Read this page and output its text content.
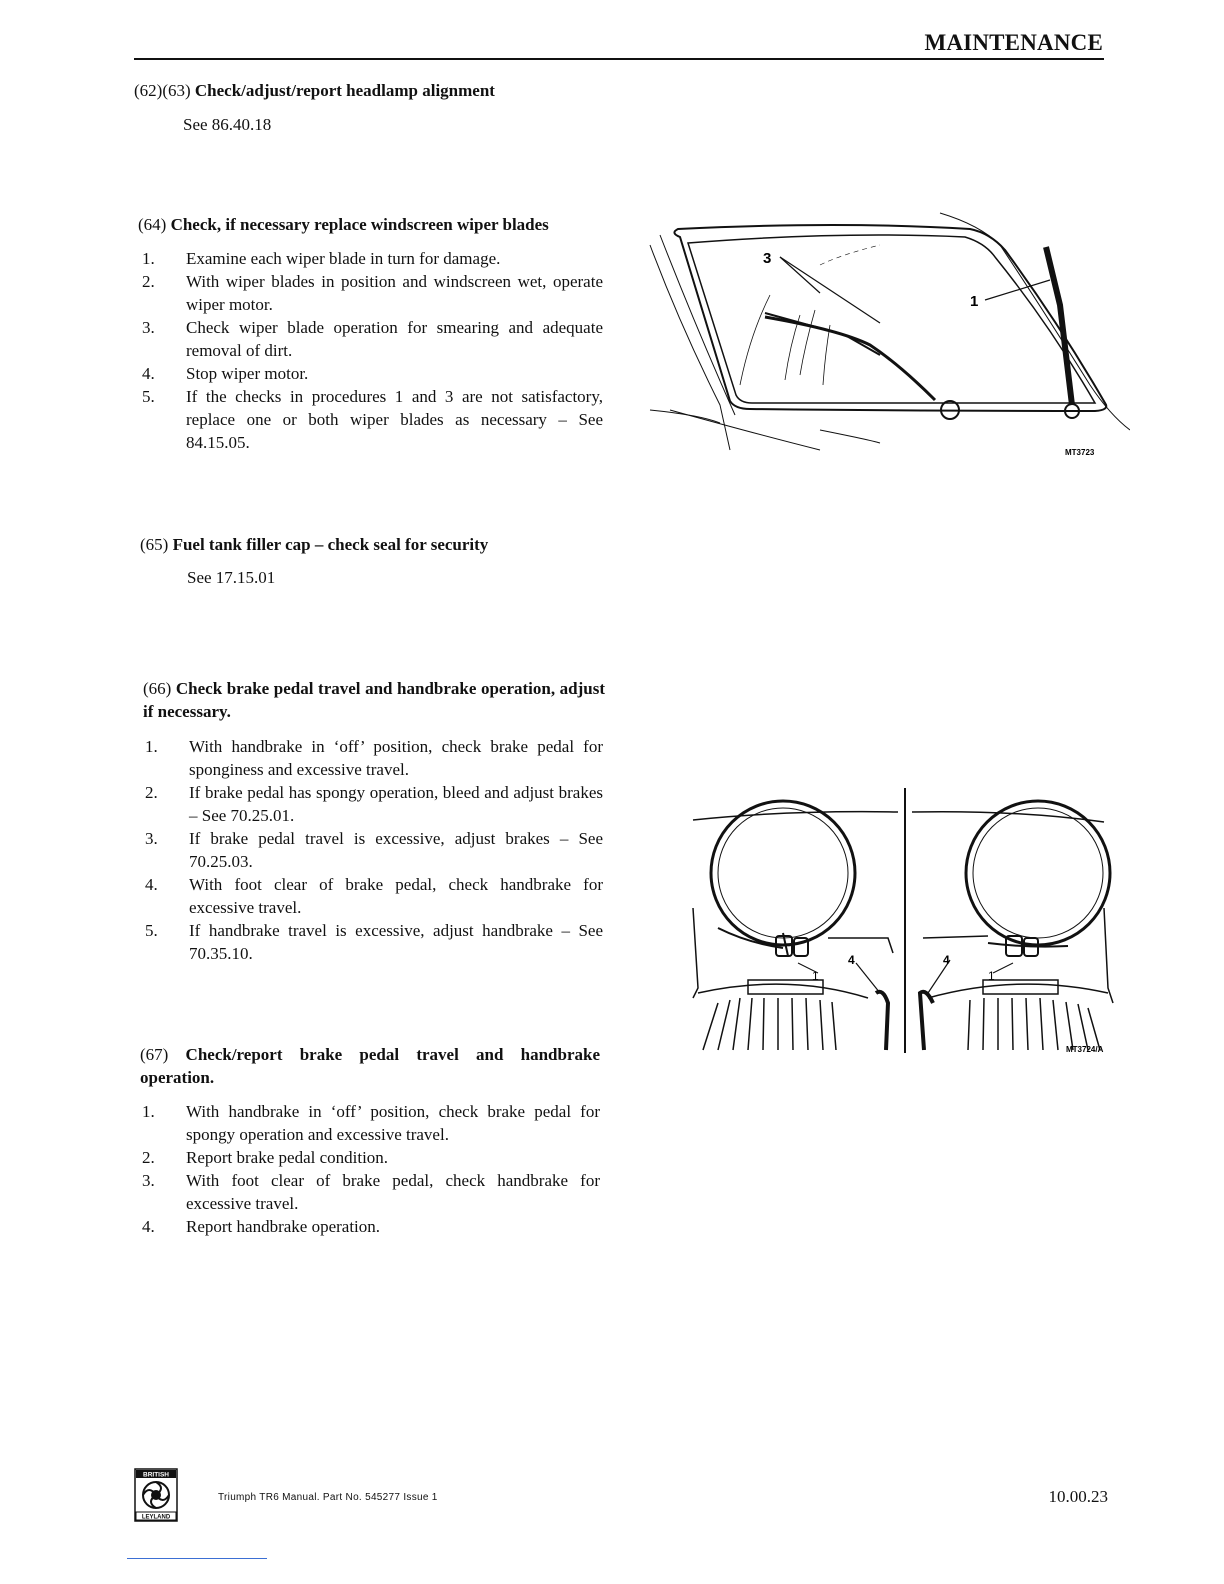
MAINTENANCE
(62)(63) Check/adjust/report headlamp alignment
See 86.40.18
(64) Check, if necessary replace windscreen wiper blades
1.	Examine each wiper blade in turn for damage.
2.	With wiper blades in position and windscreen wet, operate wiper motor.
3.	Check wiper blade operation for smearing and adequate removal of dirt.
4.	Stop wiper motor.
5.	If the checks in procedures 1 and 3 are not satisfactory, replace one or both wiper blades as necessary – See 84.15.05.
3
1
MT3723
(65) Fuel tank filler cap – check seal for security
See 17.15.01
(66) Check brake pedal travel and handbrake operation, adjust if necessary.
1.	With handbrake in ‘off’ position, check brake pedal for sponginess and excessive travel.
2.	If brake pedal has spongy operation, bleed and adjust brakes – See 70.25.01.
3.	If brake pedal travel is excessive, adjust brakes – See 70.25.03.
4.	With foot clear of brake pedal, check handbrake for excessive travel.
5.	If handbrake travel is excessive, adjust handbrake – See 70.35.10.	4	4
1	1
MT3724/A
(67) Check/report brake pedal travel and handbrake operation.
1.	With handbrake in ‘off’ position, check brake pedal for spongy operation and excessive travel.
2.	Report brake pedal condition.
3.	With foot clear of brake pedal, check handbrake for excessive travel.
4.	Report handbrake operation.
BRITISH
LEYLAND
Triumph TR6 Manual. Part No. 545277 Issue 1	10.00.23
